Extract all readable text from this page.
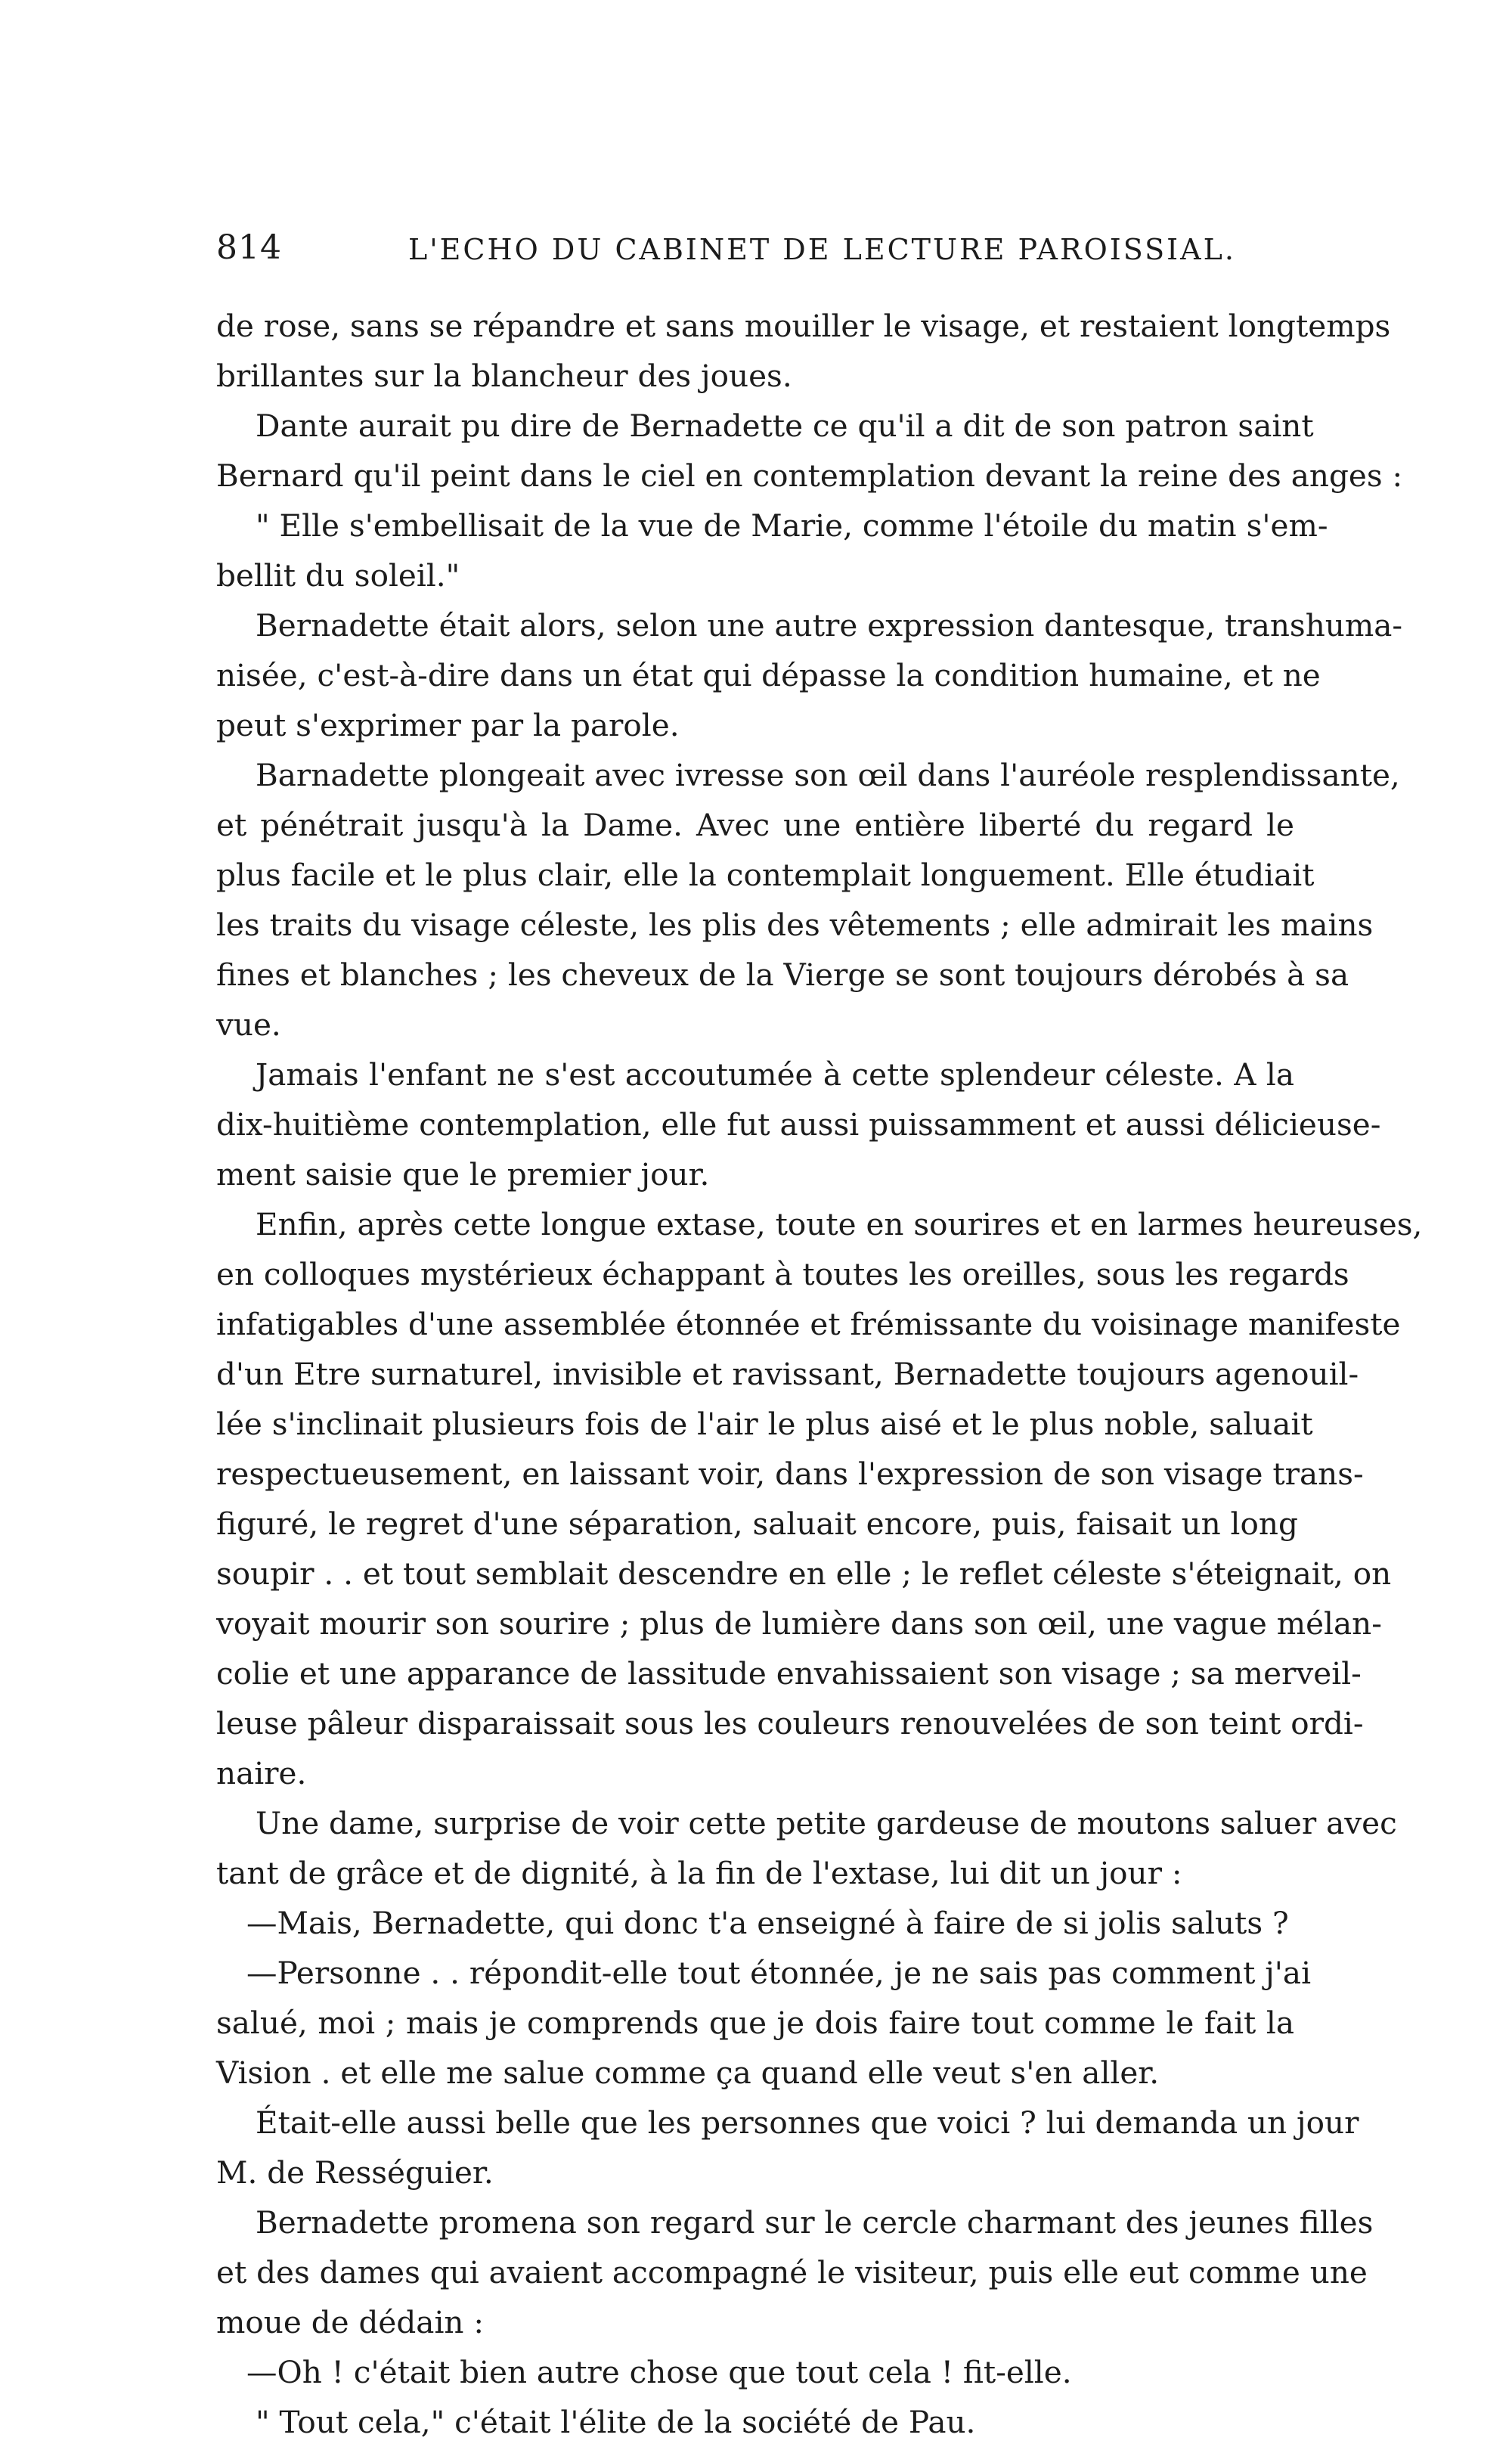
814	L'ECHO DU CABINET DE LECTURE PAROISSIAL.
de rose, sans se répandre et sans mouiller le visage, et restaient longtemps
brillantes sur la blancheur des joues.
Dante aurait pu dire de Bernadette ce qu'il a dit de son patron saint
Bernard qu'il peint dans le ciel en contemplation devant la reine des anges :
" Elle s'embellisait de la vue de Marie, comme l'étoile du matin s'em-
bellit du soleil."
Bernadette était alors, selon une autre expression dantesque, transhuma-
nisée, c'est-à-dire dans un état qui dépasse la condition humaine, et ne
peut s'exprimer par la parole.
Barnadette plongeait avec ivresse son œil dans l'auréole resplendissante,
et pénétrait jusqu'à la Dame. Avec une entière liberté du regard le
plus facile et le plus clair, elle la contemplait longuement. Elle étudiait
les traits du visage céleste, les plis des vêtements ; elle admirait les mains
fines et blanches ; les cheveux de la Vierge se sont toujours dérobés à sa
vue.
Jamais l'enfant ne s'est accoutumée à cette splendeur céleste. A la
dix-huitième contemplation, elle fut aussi puissamment et aussi délicieuse-
ment saisie que le premier jour.
Enfin, après cette longue extase, toute en sourires et en larmes heureuses,
en colloques mystérieux échappant à toutes les oreilles, sous les regards
infatigables d'une assemblée étonnée et frémissante du voisinage manifeste
d'un Etre surnaturel, invisible et ravissant, Bernadette toujours agenouil-
lée s'inclinait plusieurs fois de l'air le plus aisé et le plus noble, saluait
respectueusement, en laissant voir, dans l'expression de son visage trans-
figuré, le regret d'une séparation, saluait encore, puis, faisait un long
soupir . . et tout semblait descendre en elle ; le reflet céleste s'éteignait, on
voyait mourir son sourire ; plus de lumière dans son œil, une vague mélan-
colie et une apparance de lassitude envahissaient son visage ; sa merveil-
leuse pâleur disparaissait sous les couleurs renouvelées de son teint ordi-
naire.
Une dame, surprise de voir cette petite gardeuse de moutons saluer avec
tant de grâce et de dignité, à la fin de l'extase, lui dit un jour :
—Mais, Bernadette, qui donc t'a enseigné à faire de si jolis saluts ?
—Personne . . répondit-elle tout étonnée, je ne sais pas comment j'ai
salué, moi ; mais je comprends que je dois faire tout comme le fait la
Vision . et elle me salue comme ça quand elle veut s'en aller.
Était-elle aussi belle que les personnes que voici ? lui demanda un jour
M. de Rességuier.
Bernadette promena son regard sur le cercle charmant des jeunes filles
et des dames qui avaient accompagné le visiteur, puis elle eut comme une
moue de dédain :
—Oh ! c'était bien autre chose que tout cela ! fit-elle.
" Tout cela," c'était l'élite de la société de Pau.
